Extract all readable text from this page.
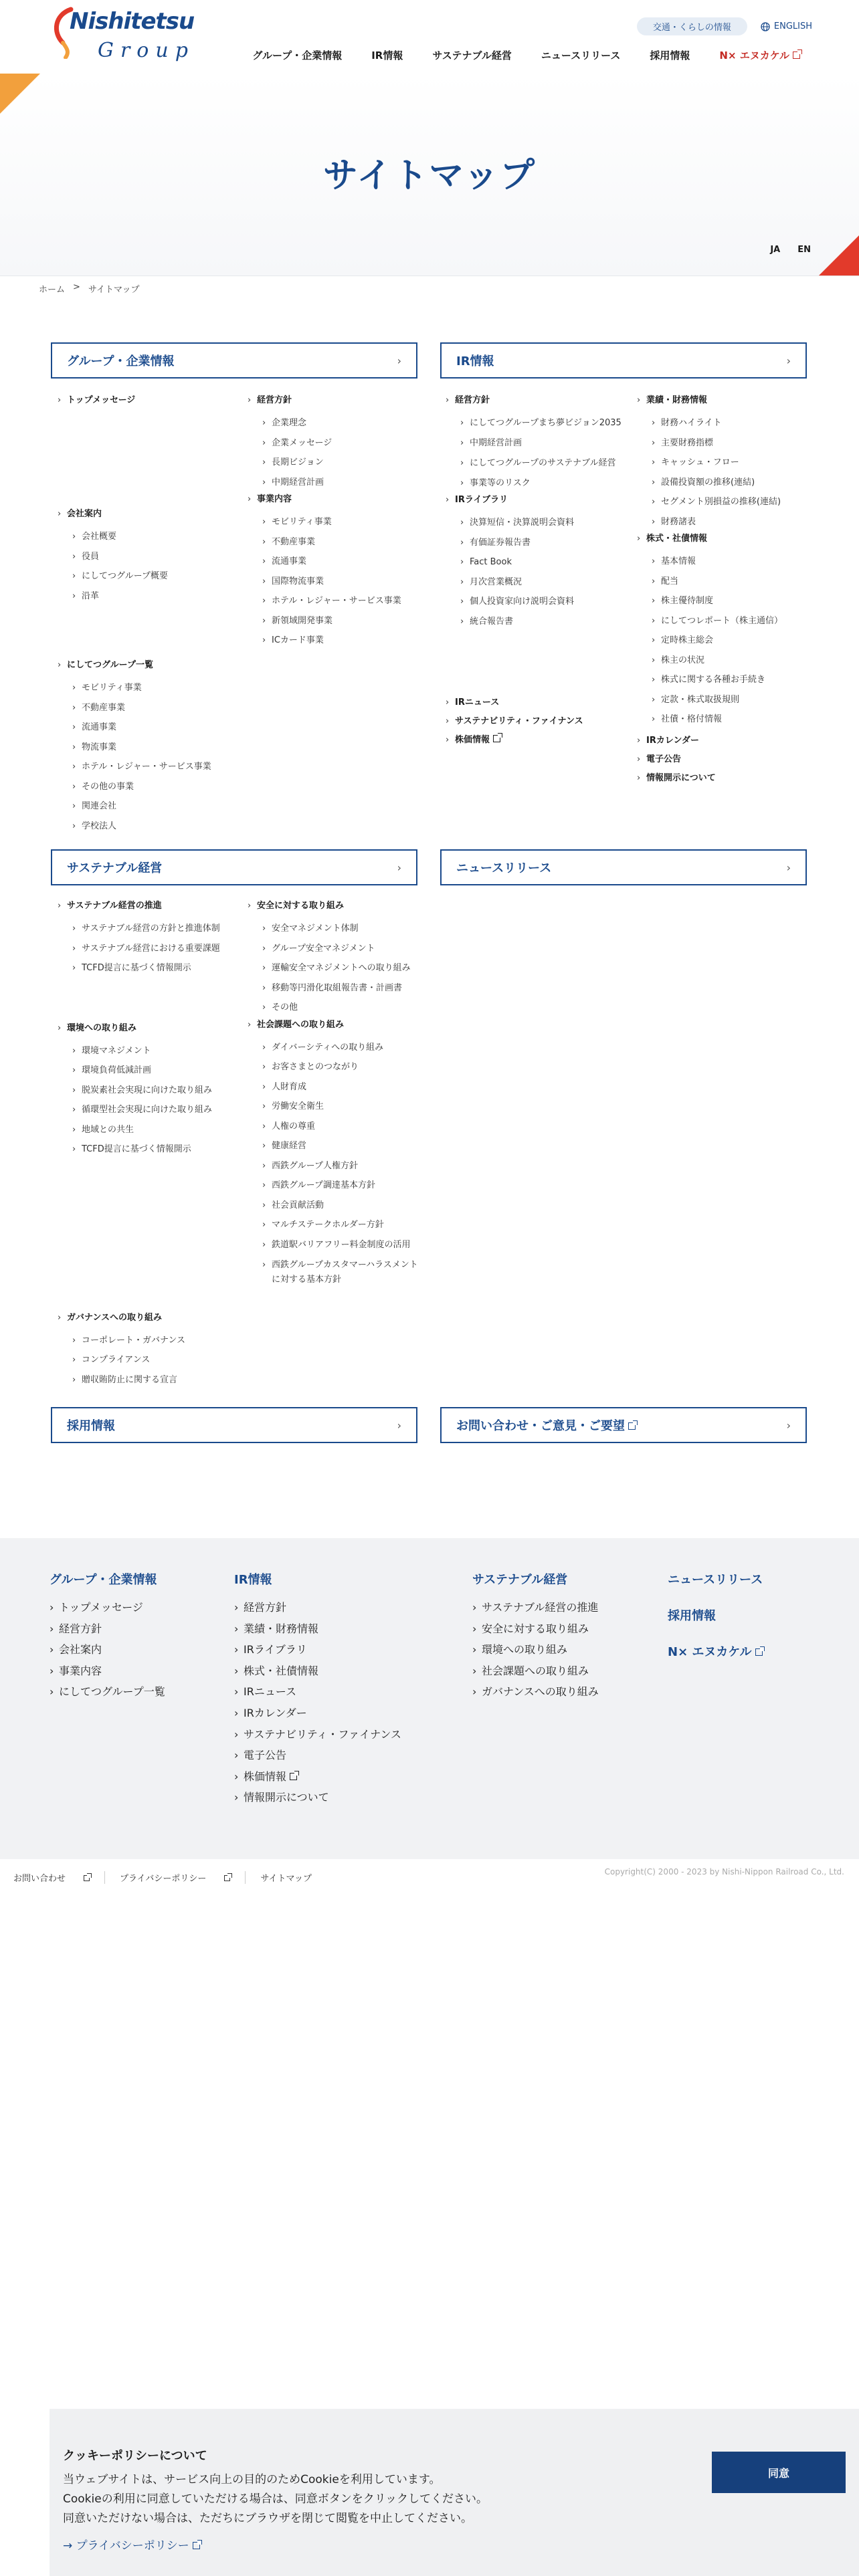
Nishitetsu
Group
交通・くらしの情報	ENGLISH
グループ・企業情報	IR情報	サステナブル経営	ニュースリリース	採用情報	N× エヌカケル
サイトマップ
JA EN
ホーム > サイトマップ
グループ・企業情報	›	IR情報	›
› トップメッセージ
› 会社案内
› 会社概要
› 役員
› にしてつグループ概要
› 沿革
› にしてつグループ一覧
› モビリティ事業
› 不動産事業
› 流通事業
› 物流事業
› ホテル・レジャー・サービス事業
› その他の事業
› 関連会社
› 学校法人
› 経営方針
› 企業理念
› 企業メッセージ
› 長期ビジョン
› 中期経営計画
› 事業内容
› モビリティ事業
› 不動産事業
› 流通事業
› 国際物流事業
› ホテル・レジャー・サービス事業
› 新領域開発事業
› ICカード事業
› 経営方針
› にしてつグループまち夢ビジョン2035
› 中期経営計画
› にしてつグループのサステナブル経営
› 事業等のリスク
› IRライブラリ
› 決算短信・決算説明会資料
› 有価証券報告書
› Fact Book
› 月次営業概況
› 個人投資家向け説明会資料
› 統合報告書
› IRニュース
› サステナビリティ・ファイナンス
› 株価情報
› 業績・財務情報
› 財務ハイライト
› 主要財務指標
› キャッシュ・フロー
› 設備投資額の推移(連結)
› セグメント別損益の推移(連結)
› 財務諸表
› 株式・社債情報
› 基本情報
› 配当
› 株主優待制度
› にしてつレポート（株主通信）
› 定時株主総会
› 株主の状況
› 株式に関する各種お手続き
› 定款・株式取扱規則
› 社債・格付情報
› IRカレンダー
› 電子公告
› 情報開示について
サステナブル経営	›	ニュースリリース	›
› サステナブル経営の推進
› サステナブル経営の方針と推進体制
› サステナブル経営における重要課題
› TCFD提言に基づく情報開示
› 環境への取り組み
› 環境マネジメント
› 環境負荷低減計画
› 脱炭素社会実現に向けた取り組み
› 循環型社会実現に向けた取り組み
› 地域との共生
› TCFD提言に基づく情報開示
› ガバナンスへの取り組み
› コーポレート・ガバナンス
› コンプライアンス
› 贈収賄防止に関する宣言
› 安全に対する取り組み
› 安全マネジメント体制
› グループ安全マネジメント
› 運輸安全マネジメントへの取り組み
› 移動等円滑化取組報告書・計画書
› その他
› 社会課題への取り組み
› ダイバーシティへの取り組み
› お客さまとのつながり
› 人財育成
› 労働安全衛生
› 人権の尊重
› 健康経営
› 西鉄グループ人権方針
› 西鉄グループ調達基本方針
› 社会貢献活動
› マルチステークホルダー方針
› 鉄道駅バリアフリー料金制度の活用
› 西鉄グループカスタマーハラスメントに対する基本方針
採用情報	›	お問い合わせ・ご意見・ご要望	›
グループ・企業情報
› トップメッセージ
› 経営方針
› 会社案内
› 事業内容
› にしてつグループ一覧
IR情報
› 経営方針
› 業績・財務情報
› IRライブラリ
› 株式・社債情報
› IRニュース
› IRカレンダー
› サステナビリティ・ファイナンス
› 電子公告
› 株価情報
› 情報開示について
サステナブル経営
› サステナブル経営の推進
› 安全に対する取り組み
› 環境への取り組み
› 社会課題への取り組み
› ガバナンスへの取り組み
ニュースリリース
採用情報
N× エヌカケル
お問い合わせ	プライバシーポリシー	サイトマップ
Copyright(C) 2000 - 2023 by Nishi-Nippon Railroad Co., Ltd.
クッキーポリシーについて
当ウェブサイトは、サービス向上の目的のためCookieを利用しています。
Cookieの利用に同意していただける場合は、同意ボタンをクリックしてください。
同意いただけない場合は、ただちにブラウザを閉じて閲覧を中止してください。
→ プライバシーポリシー
同意
